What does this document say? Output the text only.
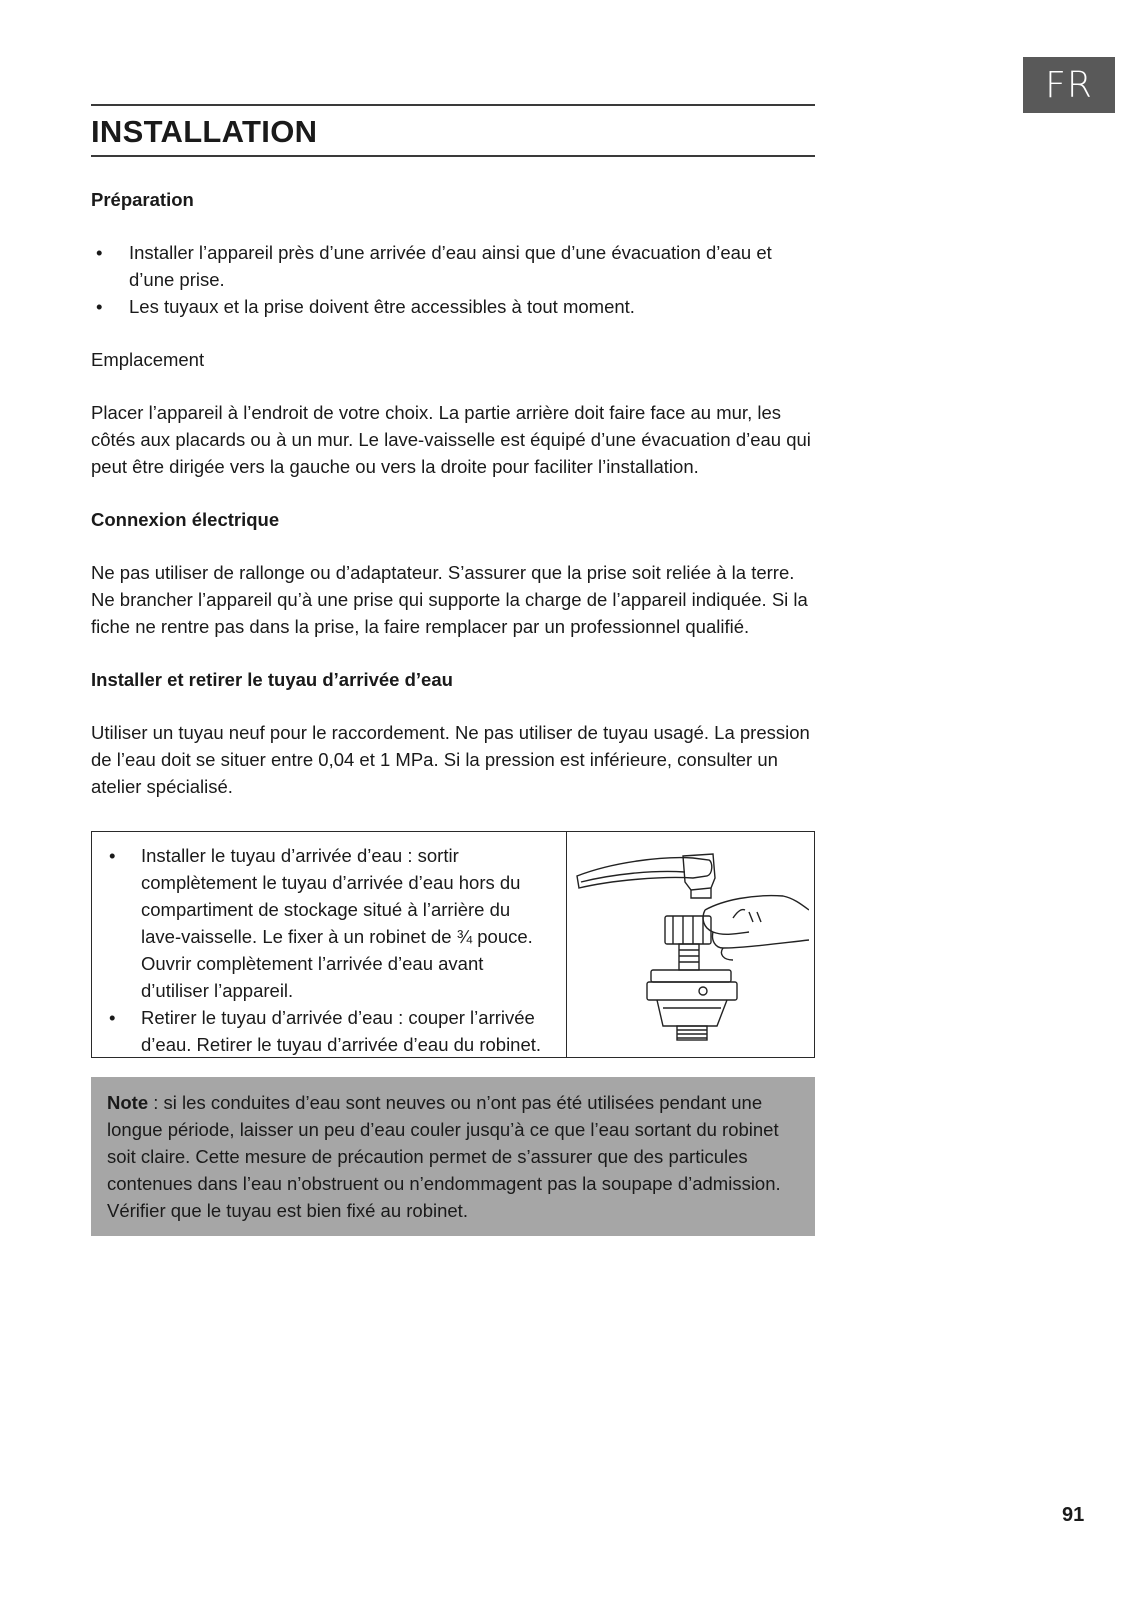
FR
INSTALLATION

Préparation

• Installer l’appareil près d’une arrivée d’eau ainsi que d’une évacuation d’eau et d’une prise.
• Les tuyaux et la prise doivent être accessibles à tout moment.

Emplacement

Placer l’appareil à l’endroit de votre choix. La partie arrière doit faire face au mur, les côtés aux placards ou à un mur. Le lave-vaisselle est équipé d’une évacuation d’eau qui peut être dirigée vers la gauche ou vers la droite pour faciliter l’installation.

Connexion électrique

Ne pas utiliser de rallonge ou d’adaptateur. S’assurer que la prise soit reliée à la terre. Ne brancher l’appareil qu’à une prise qui supporte la charge de l’appareil indiquée. Si la fiche ne rentre pas dans la prise, la faire remplacer par un professionnel qualifié.

Installer et retirer le tuyau d’arrivée d’eau

Utiliser un tuyau neuf pour le raccordement. Ne pas utiliser de tuyau usagé. La pression de l’eau doit se situer entre 0,04 et 1 MPa. Si la pression est inférieure, consulter un atelier spécialisé.

• Installer le tuyau d’arrivée d’eau : sortir complètement le tuyau d’arrivée d’eau hors du compartiment de stockage situé à l’arrière du lave-vaisselle. Le fixer à un robinet de ¾ pouce. Ouvrir complètement l’arrivée d’eau avant d’utiliser l’appareil.
• Retirer le tuyau d’arrivée d’eau : couper l’arrivée d’eau. Retirer le tuyau d’arrivée d’eau du robinet.
Note : si les conduites d’eau sont neuves ou n’ont pas été utilisées pendant une longue période, laisser un peu d’eau couler jusqu’à ce que l’eau sortant du robinet soit claire. Cette mesure de précaution permet de s’assurer que des particules contenues dans l’eau n’obstruent ou n’endommagent pas la soupape d’admission. Vérifier que le tuyau est bien fixé au robinet.
91
